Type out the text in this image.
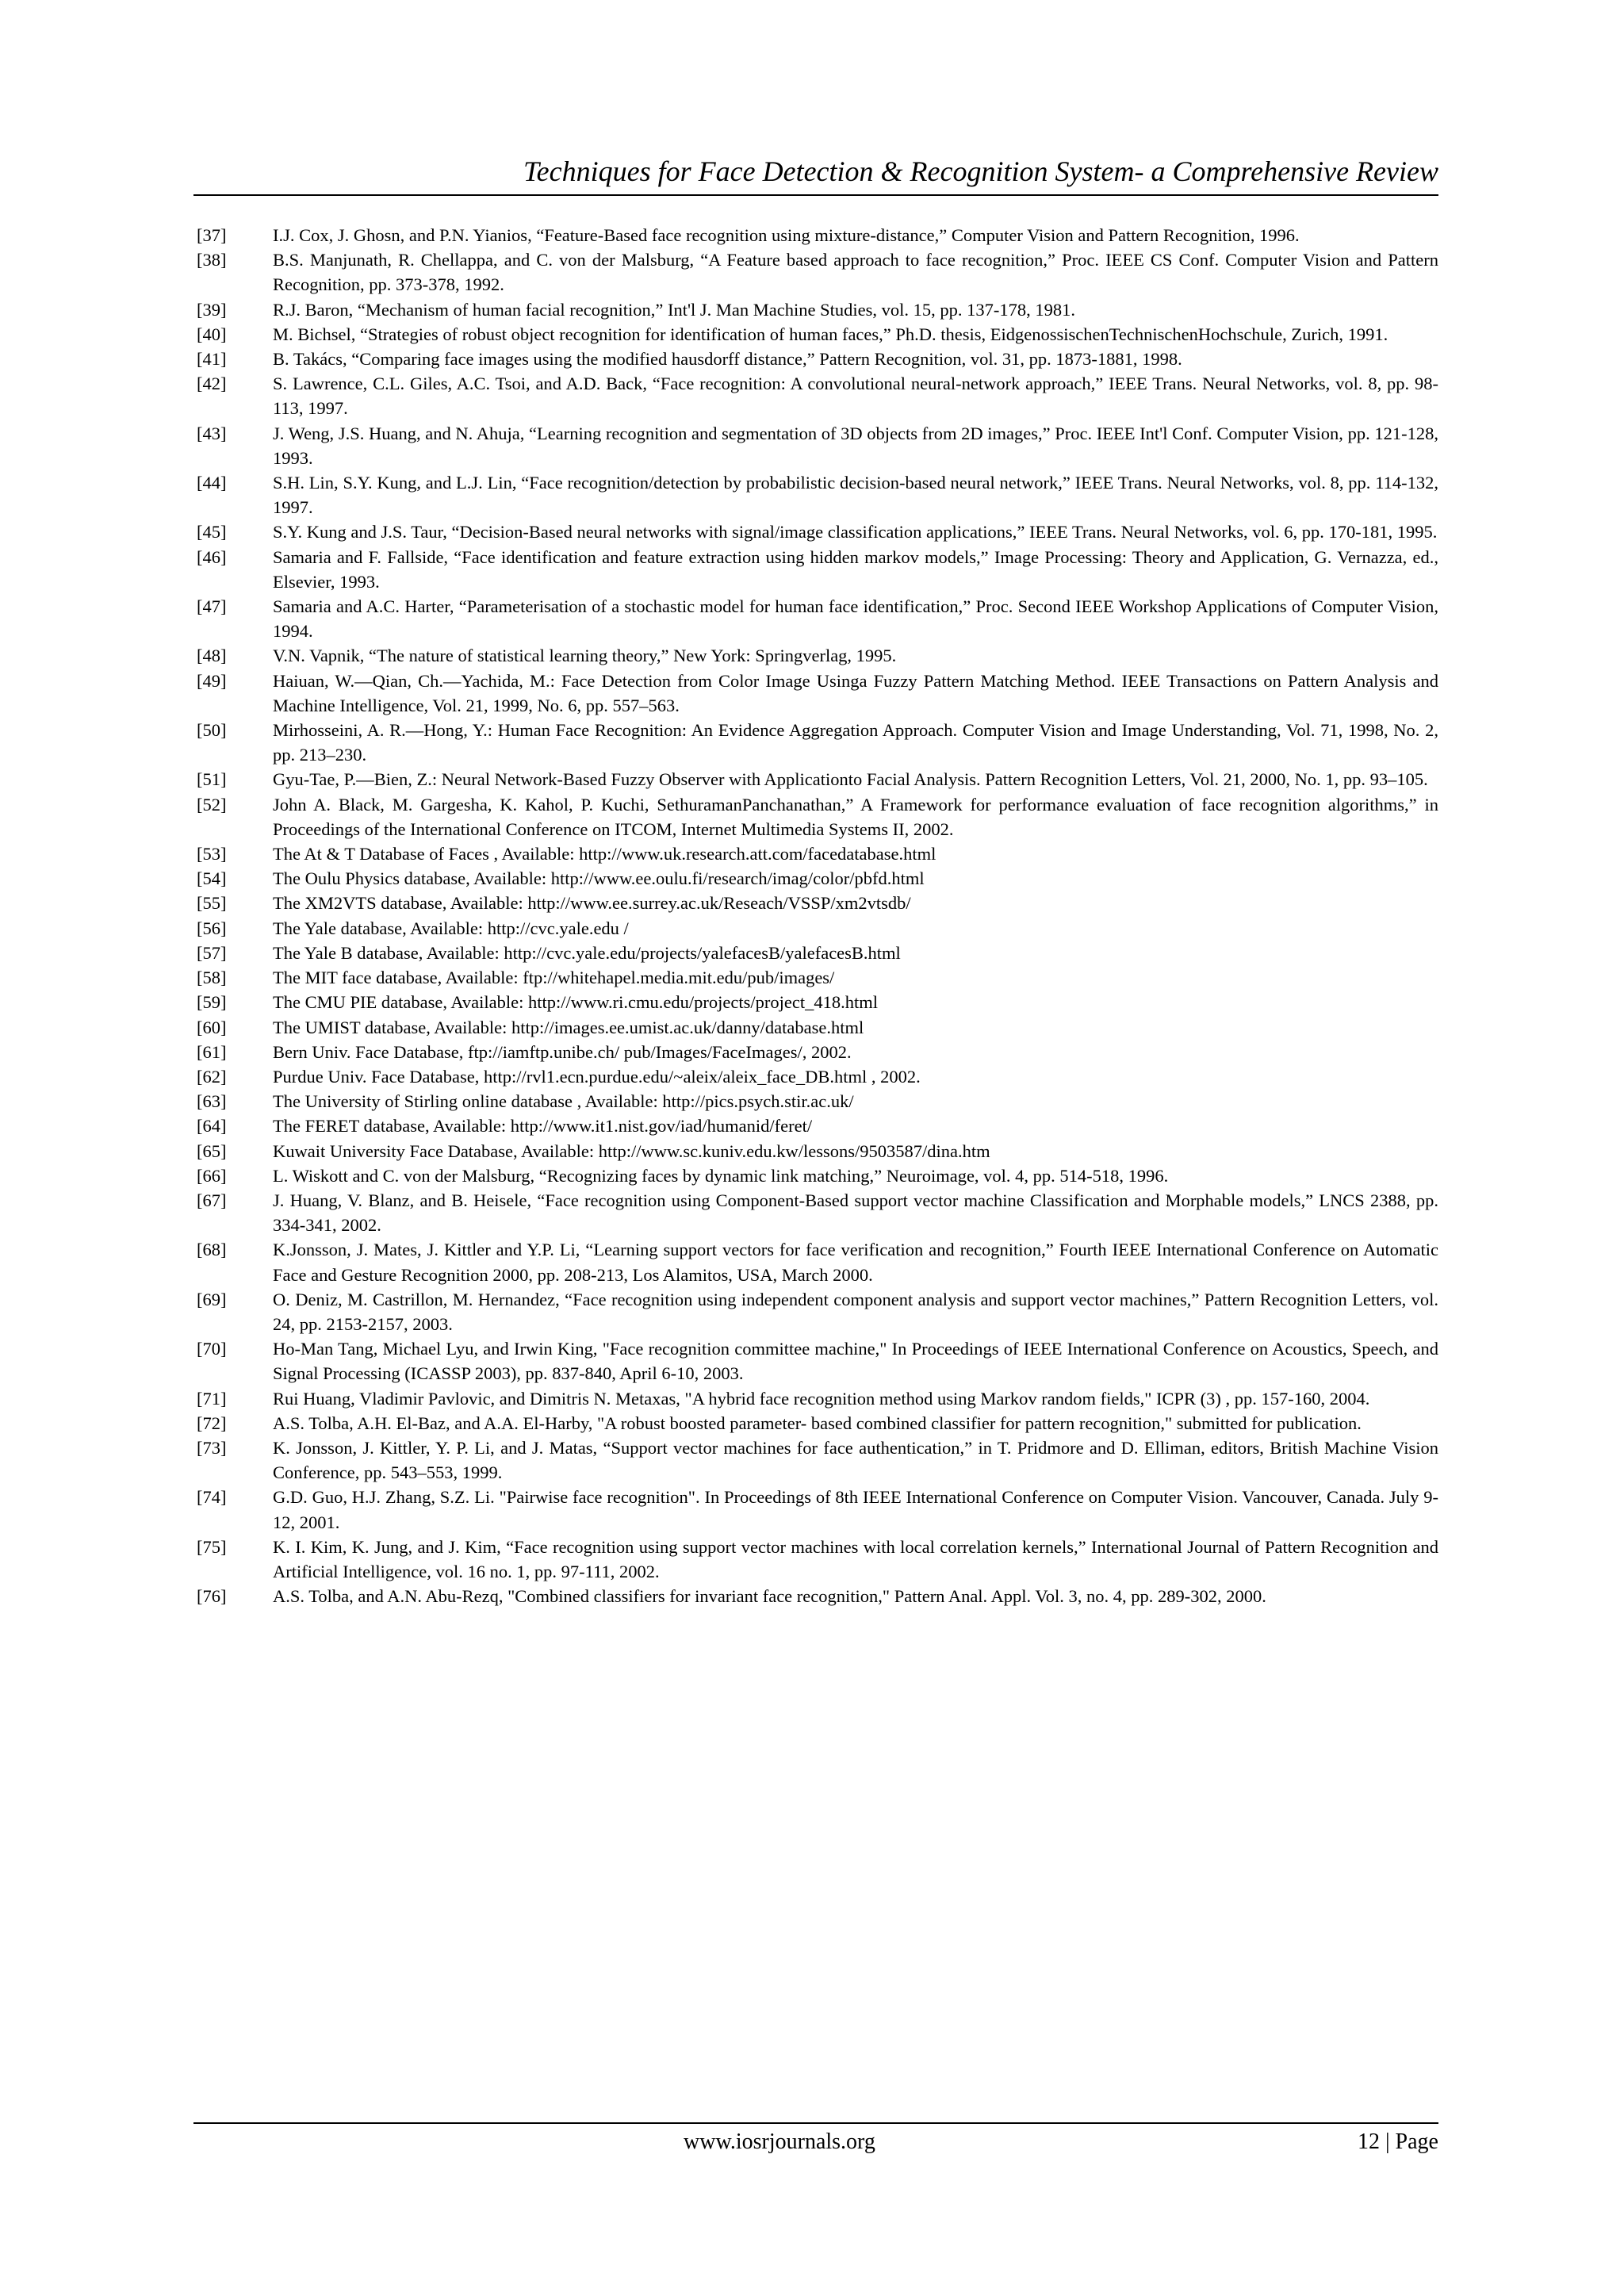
Techniques for Face Detection & Recognition System- a Comprehensive Review
[37]	I.J. Cox, J. Ghosn, and P.N. Yianios, “Feature-Based face recognition using mixture-distance,” Computer Vision and Pattern Recognition, 1996.
[38]	B.S. Manjunath, R. Chellappa, and C. von der Malsburg, “A Feature based approach to face recognition,” Proc. IEEE CS Conf. Computer Vision and Pattern Recognition, pp. 373-378, 1992.
[39]	R.J. Baron, “Mechanism of human facial recognition,” Int'l J. Man Machine Studies, vol. 15, pp. 137-178, 1981.
[40]	M. Bichsel, “Strategies of robust object recognition for identification of human faces,” Ph.D. thesis, EidgenossischenTechnischenHochschule, Zurich, 1991.
[41]	B. Takács, “Comparing face images using the modified hausdorff distance,” Pattern Recognition, vol. 31, pp. 1873-1881, 1998.
[42]	S. Lawrence, C.L. Giles, A.C. Tsoi, and A.D. Back, “Face recognition: A convolutional neural-network approach,” IEEE Trans. Neural Networks, vol. 8, pp. 98-113, 1997.
[43]	J. Weng, J.S. Huang, and N. Ahuja, “Learning recognition and segmentation of 3D objects from 2D images,” Proc. IEEE Int'l Conf. Computer Vision, pp. 121-128, 1993.
[44]	S.H. Lin, S.Y. Kung, and L.J. Lin, “Face recognition/detection by probabilistic decision-based neural network,” IEEE Trans. Neural Networks, vol. 8, pp. 114-132, 1997.
[45]	S.Y. Kung and J.S. Taur, “Decision-Based neural networks with signal/image classification applications,” IEEE Trans. Neural Networks, vol. 6, pp. 170-181, 1995.
[46]	Samaria and F. Fallside, “Face identification and feature extraction using hidden markov models,” Image Processing: Theory and Application, G. Vernazza, ed., Elsevier, 1993.
[47]	Samaria and A.C. Harter, “Parameterisation of a stochastic model for human face identification,” Proc. Second IEEE Workshop Applications of Computer Vision, 1994.
[48]	V.N. Vapnik, “The nature of statistical learning theory,” New York: Springverlag, 1995.
[49]	Haiuan, W.—Qian, Ch.—Yachida, M.: Face Detection from Color Image Usinga Fuzzy Pattern Matching Method. IEEE Transactions on Pattern Analysis and Machine Intelligence, Vol. 21, 1999, No. 6, pp. 557–563.
[50]	Mirhosseini, A. R.—Hong, Y.: Human Face Recognition: An Evidence Aggregation Approach. Computer Vision and Image Understanding, Vol. 71, 1998, No. 2, pp. 213–230.
[51]	Gyu-Tae, P.—Bien, Z.: Neural Network-Based Fuzzy Observer with Applicationto Facial Analysis. Pattern Recognition Letters, Vol. 21, 2000, No. 1, pp. 93–105.
[52]	John A. Black, M. Gargesha, K. Kahol, P. Kuchi, SethuramanPanchanathan,” A Framework for performance evaluation of face recognition algorithms,” in Proceedings of the International Conference on ITCOM, Internet Multimedia Systems II, 2002.
[53]	The At & T Database of Faces , Available: http://www.uk.research.att.com/facedatabase.html
[54]	The Oulu Physics database, Available: http://www.ee.oulu.fi/research/imag/color/pbfd.html
[55]	The XM2VTS database, Available: http://www.ee.surrey.ac.uk/Reseach/VSSP/xm2vtsdb/
[56]	The Yale database, Available: http://cvc.yale.edu /
[57]	The Yale B database, Available: http://cvc.yale.edu/projects/yalefacesB/yalefacesB.html
[58]	The MIT face database, Available: ftp://whitehapel.media.mit.edu/pub/images/
[59]	The CMU PIE database, Available: http://www.ri.cmu.edu/projects/project_418.html
[60]	The UMIST database, Available: http://images.ee.umist.ac.uk/danny/database.html
[61]	Bern Univ. Face Database, ftp://iamftp.unibe.ch/ pub/Images/FaceImages/, 2002.
[62]	Purdue Univ. Face Database, http://rvl1.ecn.purdue.edu/~aleix/aleix_face_DB.html , 2002.
[63]	The University of Stirling online database , Available: http://pics.psych.stir.ac.uk/
[64]	The FERET database, Available: http://www.it1.nist.gov/iad/humanid/feret/
[65]	Kuwait University Face Database, Available: http://www.sc.kuniv.edu.kw/lessons/9503587/dina.htm
[66]	L. Wiskott and C. von der Malsburg, “Recognizing faces by dynamic link matching,” Neuroimage, vol. 4, pp. 514-518, 1996.
[67]	J. Huang, V. Blanz, and B. Heisele, “Face recognition using Component-Based support vector machine Classification and Morphable models,” LNCS 2388, pp. 334-341, 2002.
[68]	K.Jonsson, J. Mates, J. Kittler and Y.P. Li, “Learning support vectors for face verification and recognition,” Fourth IEEE International Conference on Automatic Face and Gesture Recognition 2000, pp. 208-213, Los Alamitos, USA, March 2000.
[69]	O. Deniz, M. Castrillon, M. Hernandez, “Face recognition using independent component analysis and support vector machines,” Pattern Recognition Letters, vol. 24, pp. 2153-2157, 2003.
[70]	Ho-Man Tang, Michael Lyu, and Irwin King, "Face recognition committee machine," In Proceedings of IEEE International Conference on Acoustics, Speech, and Signal Processing (ICASSP 2003), pp. 837-840, April 6-10, 2003.
[71]	Rui Huang, Vladimir Pavlovic, and Dimitris N. Metaxas, "A hybrid face recognition method using Markov random fields," ICPR (3) , pp. 157-160, 2004.
[72]	A.S. Tolba, A.H. El-Baz, and A.A. El-Harby, "A robust boosted parameter- based combined classifier for pattern recognition," submitted for publication.
[73]	K. Jonsson, J. Kittler, Y. P. Li, and J. Matas, “Support vector machines for face authentication,” in T. Pridmore and D. Elliman, editors, British Machine Vision Conference, pp. 543–553, 1999.
[74]	G.D. Guo, H.J. Zhang, S.Z. Li. "Pairwise face recognition". In Proceedings of 8th IEEE International Conference on Computer Vision. Vancouver, Canada. July 9-12, 2001.
[75]	K. I. Kim, K. Jung, and J. Kim, “Face recognition using support vector machines with local correlation kernels,” International Journal of Pattern Recognition and Artificial Intelligence, vol. 16 no. 1, pp. 97-111, 2002.
[76]	A.S. Tolba, and A.N. Abu-Rezq, "Combined classifiers for invariant face recognition," Pattern Anal. Appl. Vol. 3, no. 4, pp. 289-302, 2000.
www.iosrjournals.org	12 | Page
